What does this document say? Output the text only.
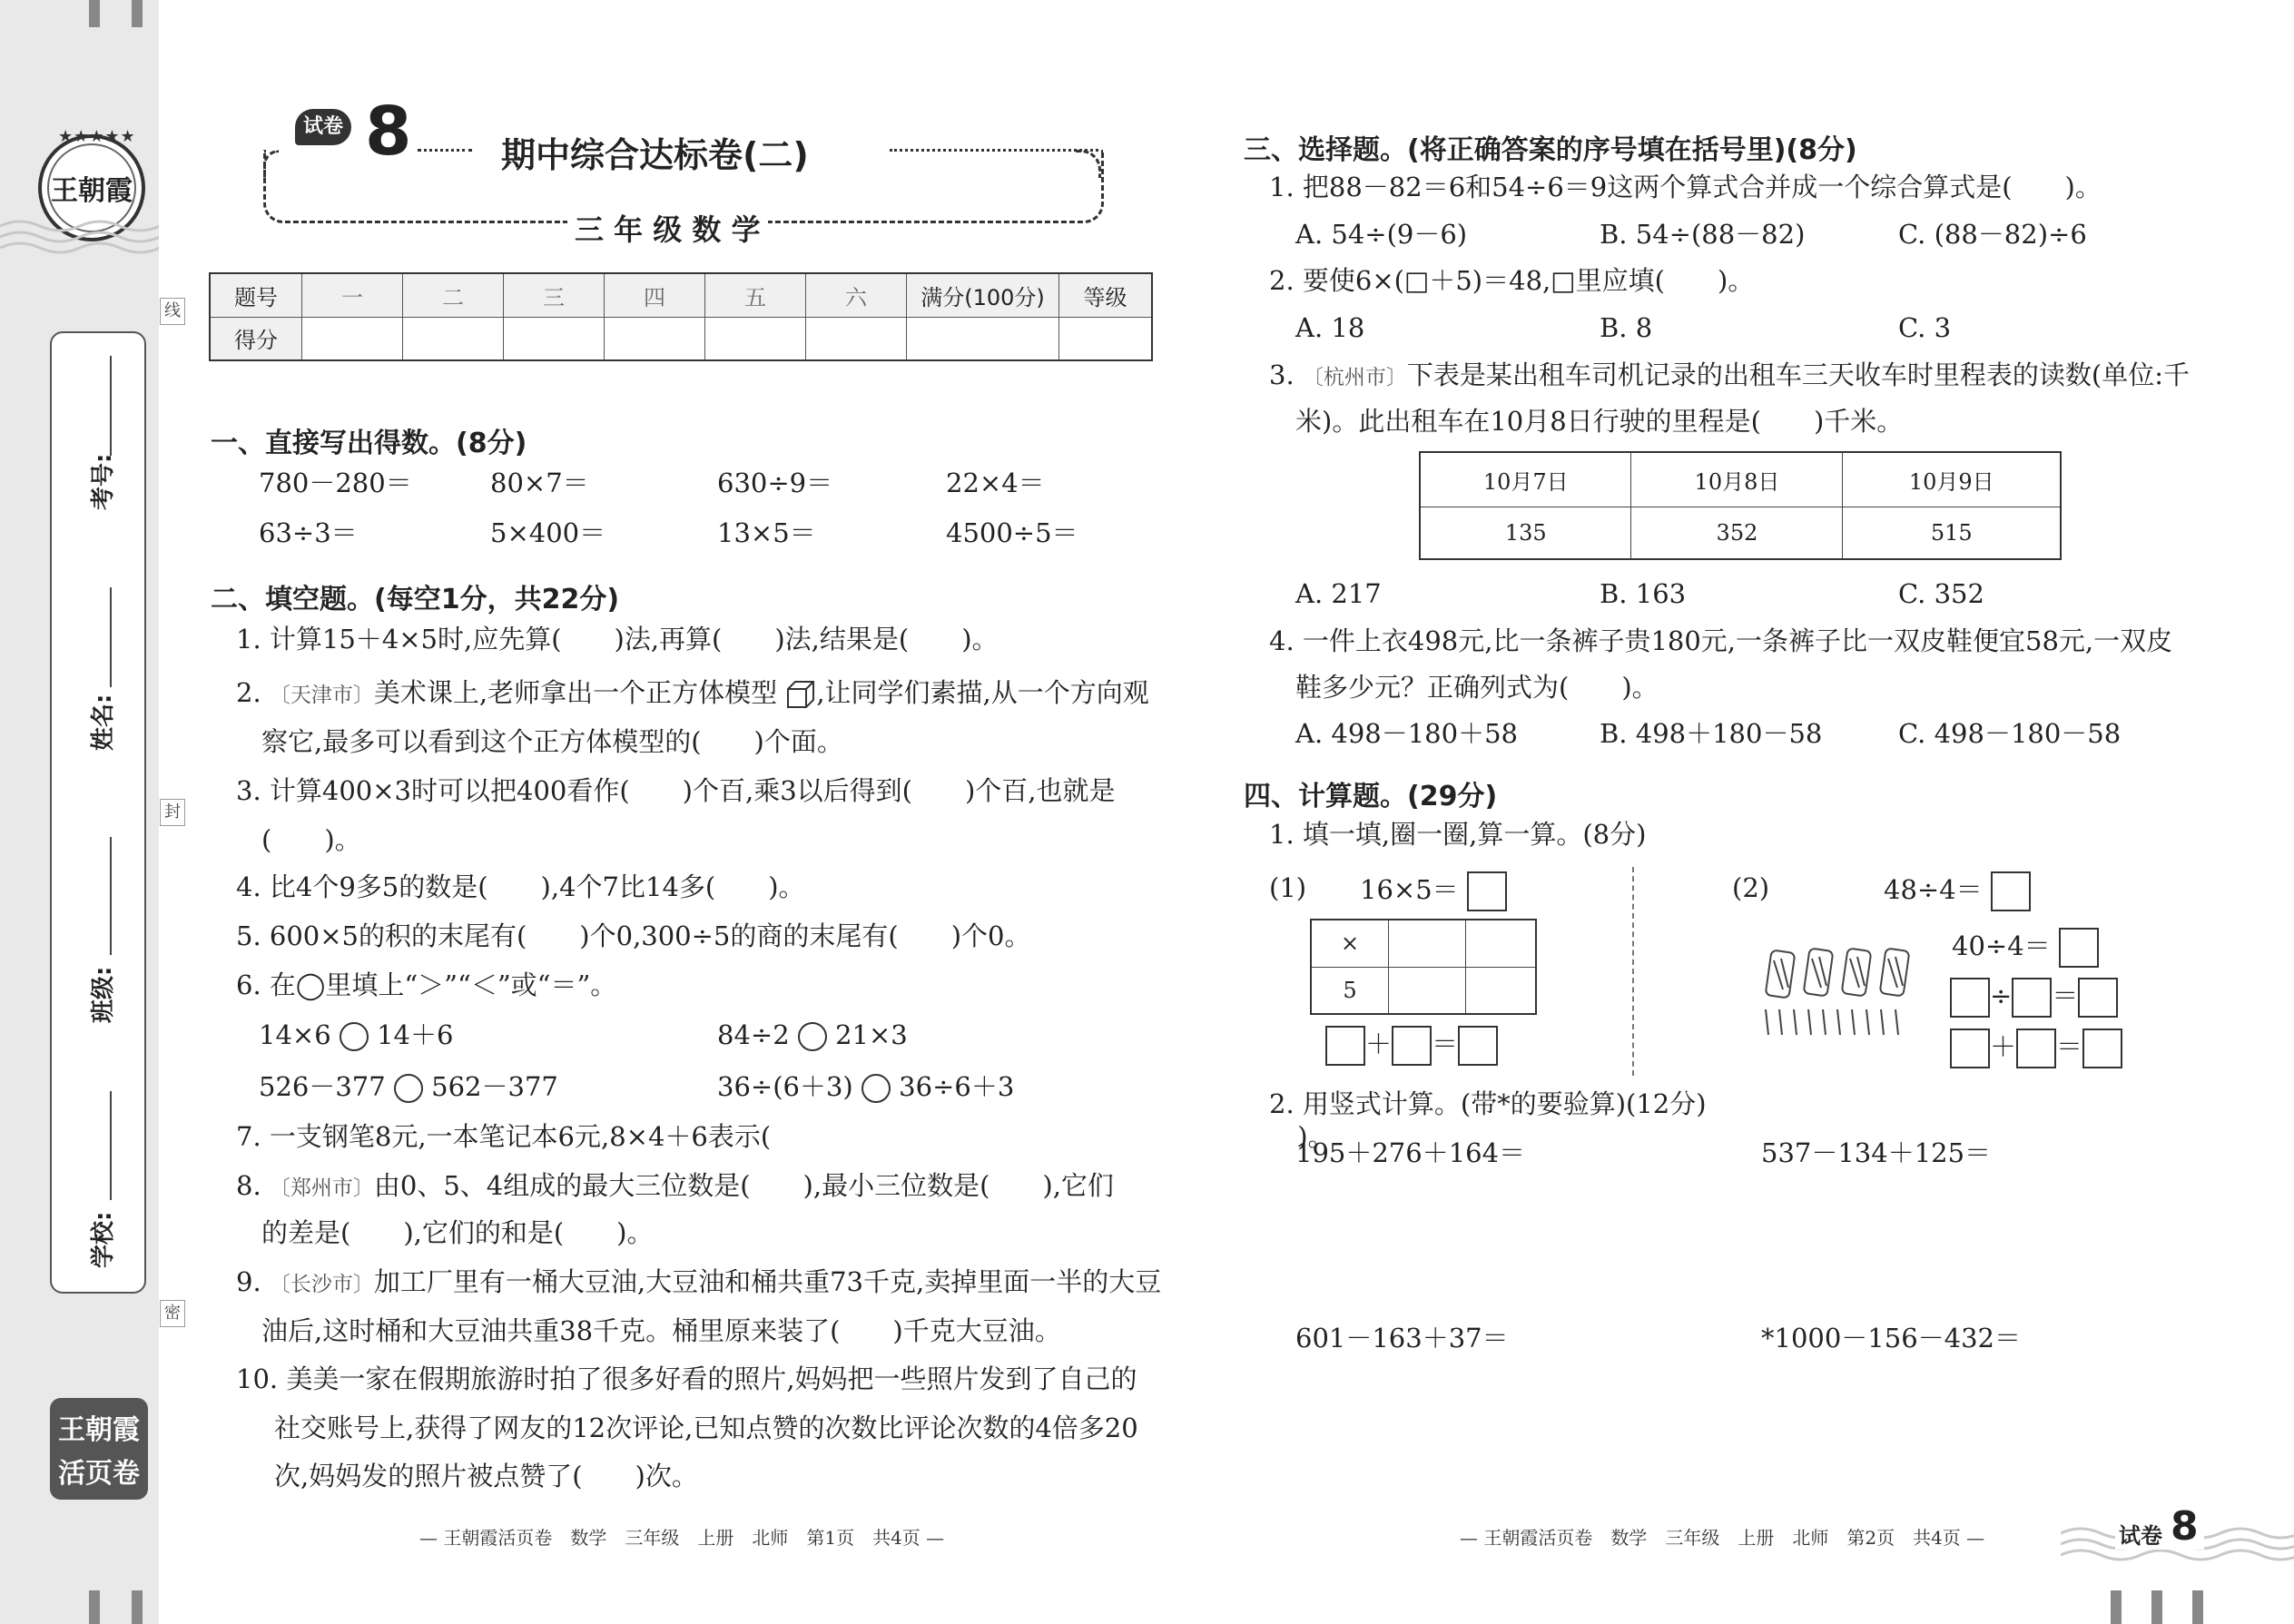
★★★★★
王朝霞
线
封
密
考号:
姓名:
班级:
学校:
王朝霞
活页卷
试卷 8	期中综合达标卷(二)
三 年 级 数 学
题号	一	二	三	四	五	六	满分(100分)	等级
得分								
一、直接写出得数。(8分)
780－280＝	80×7＝	630÷9＝	22×4＝
63÷3＝	5×400＝	13×5＝	4500÷5＝
二、填空题。(每空1分，共22分)
1. 计算15＋4×5时,应先算(　　)法,再算(　　)法,结果是(　　)。
2. 〔天津市〕美术课上,老师拿出一个正方体模型 ,让同学们素描,从一个方向观
察它,最多可以看到这个正方体模型的(　　)个面。
3. 计算400×3时可以把400看作(　　)个百,乘3以后得到(　　)个百,也就是
(　　)。
4. 比4个9多5的数是(　　),4个7比14多(　　)。
5. 600×5的积的末尾有(　　)个0,300÷5的商的末尾有(　　)个0。
6. 在◯里填上“＞”“＜”或“＝”。
14×6 14＋6	84÷2 21×3
526－377 562－377	36÷(6＋3) 36÷6＋3
7. 一支钢笔8元,一本笔记本6元,8×4＋6表示(　　　　　　　　　　　　　　　　　　　　)。
8. 〔郑州市〕由0、5、4组成的最大三位数是(　　),最小三位数是(　　),它们
的差是(　　),它们的和是(　　)。
9. 〔长沙市〕加工厂里有一桶大豆油,大豆油和桶共重73千克,卖掉里面一半的大豆
油后,这时桶和大豆油共重38千克。桶里原来装了(　　)千克大豆油。
10. 美美一家在假期旅游时拍了很多好看的照片,妈妈把一些照片发到了自己的
社交账号上,获得了网友的12次评论,已知点赞的次数比评论次数的4倍多20
次,妈妈发的照片被点赞了(　　)次。
— 王朝霞活页卷　数学　三年级　上册　北师　第1页　共4页 —
三、选择题。(将正确答案的序号填在括号里)(8分)
1. 把88－82＝6和54÷6＝9这两个算式合并成一个综合算式是(　　)。
A. 54÷(9－6)	B. 54÷(88－82)	C. (88－82)÷6
2. 要使6×(□＋5)＝48,□里应填(　　)。
A. 18	B. 8	C. 3
3. 〔杭州市〕下表是某出租车司机记录的出租车三天收车时里程表的读数(单位:千
米)。此出租车在10月8日行驶的里程是(　　)千米。
10月7日	10月8日	10月9日
135	352	515
A. 217	B. 163	C. 352
4. 一件上衣498元,比一条裤子贵180元,一条裤子比一双皮鞋便宜58元,一双皮
鞋多少元？正确列式为(　　)。
A. 498－180＋58	B. 498＋180－58	C. 498－180－58
四、计算题。(29分)
1. 填一填,圈一圈,算一算。(8分)
(1) 16×5＝
×		
5		
＋ ＝
(2)	48÷4＝
40÷4＝
÷ ＝
＋ ＝
2. 用竖式计算。(带*的要验算)(12分)
195＋276＋164＝	537－134＋125＝
601－163＋37＝	*1000－156－432＝
— 王朝霞活页卷　数学　三年级　上册　北师　第2页　共4页 —	试卷 8
